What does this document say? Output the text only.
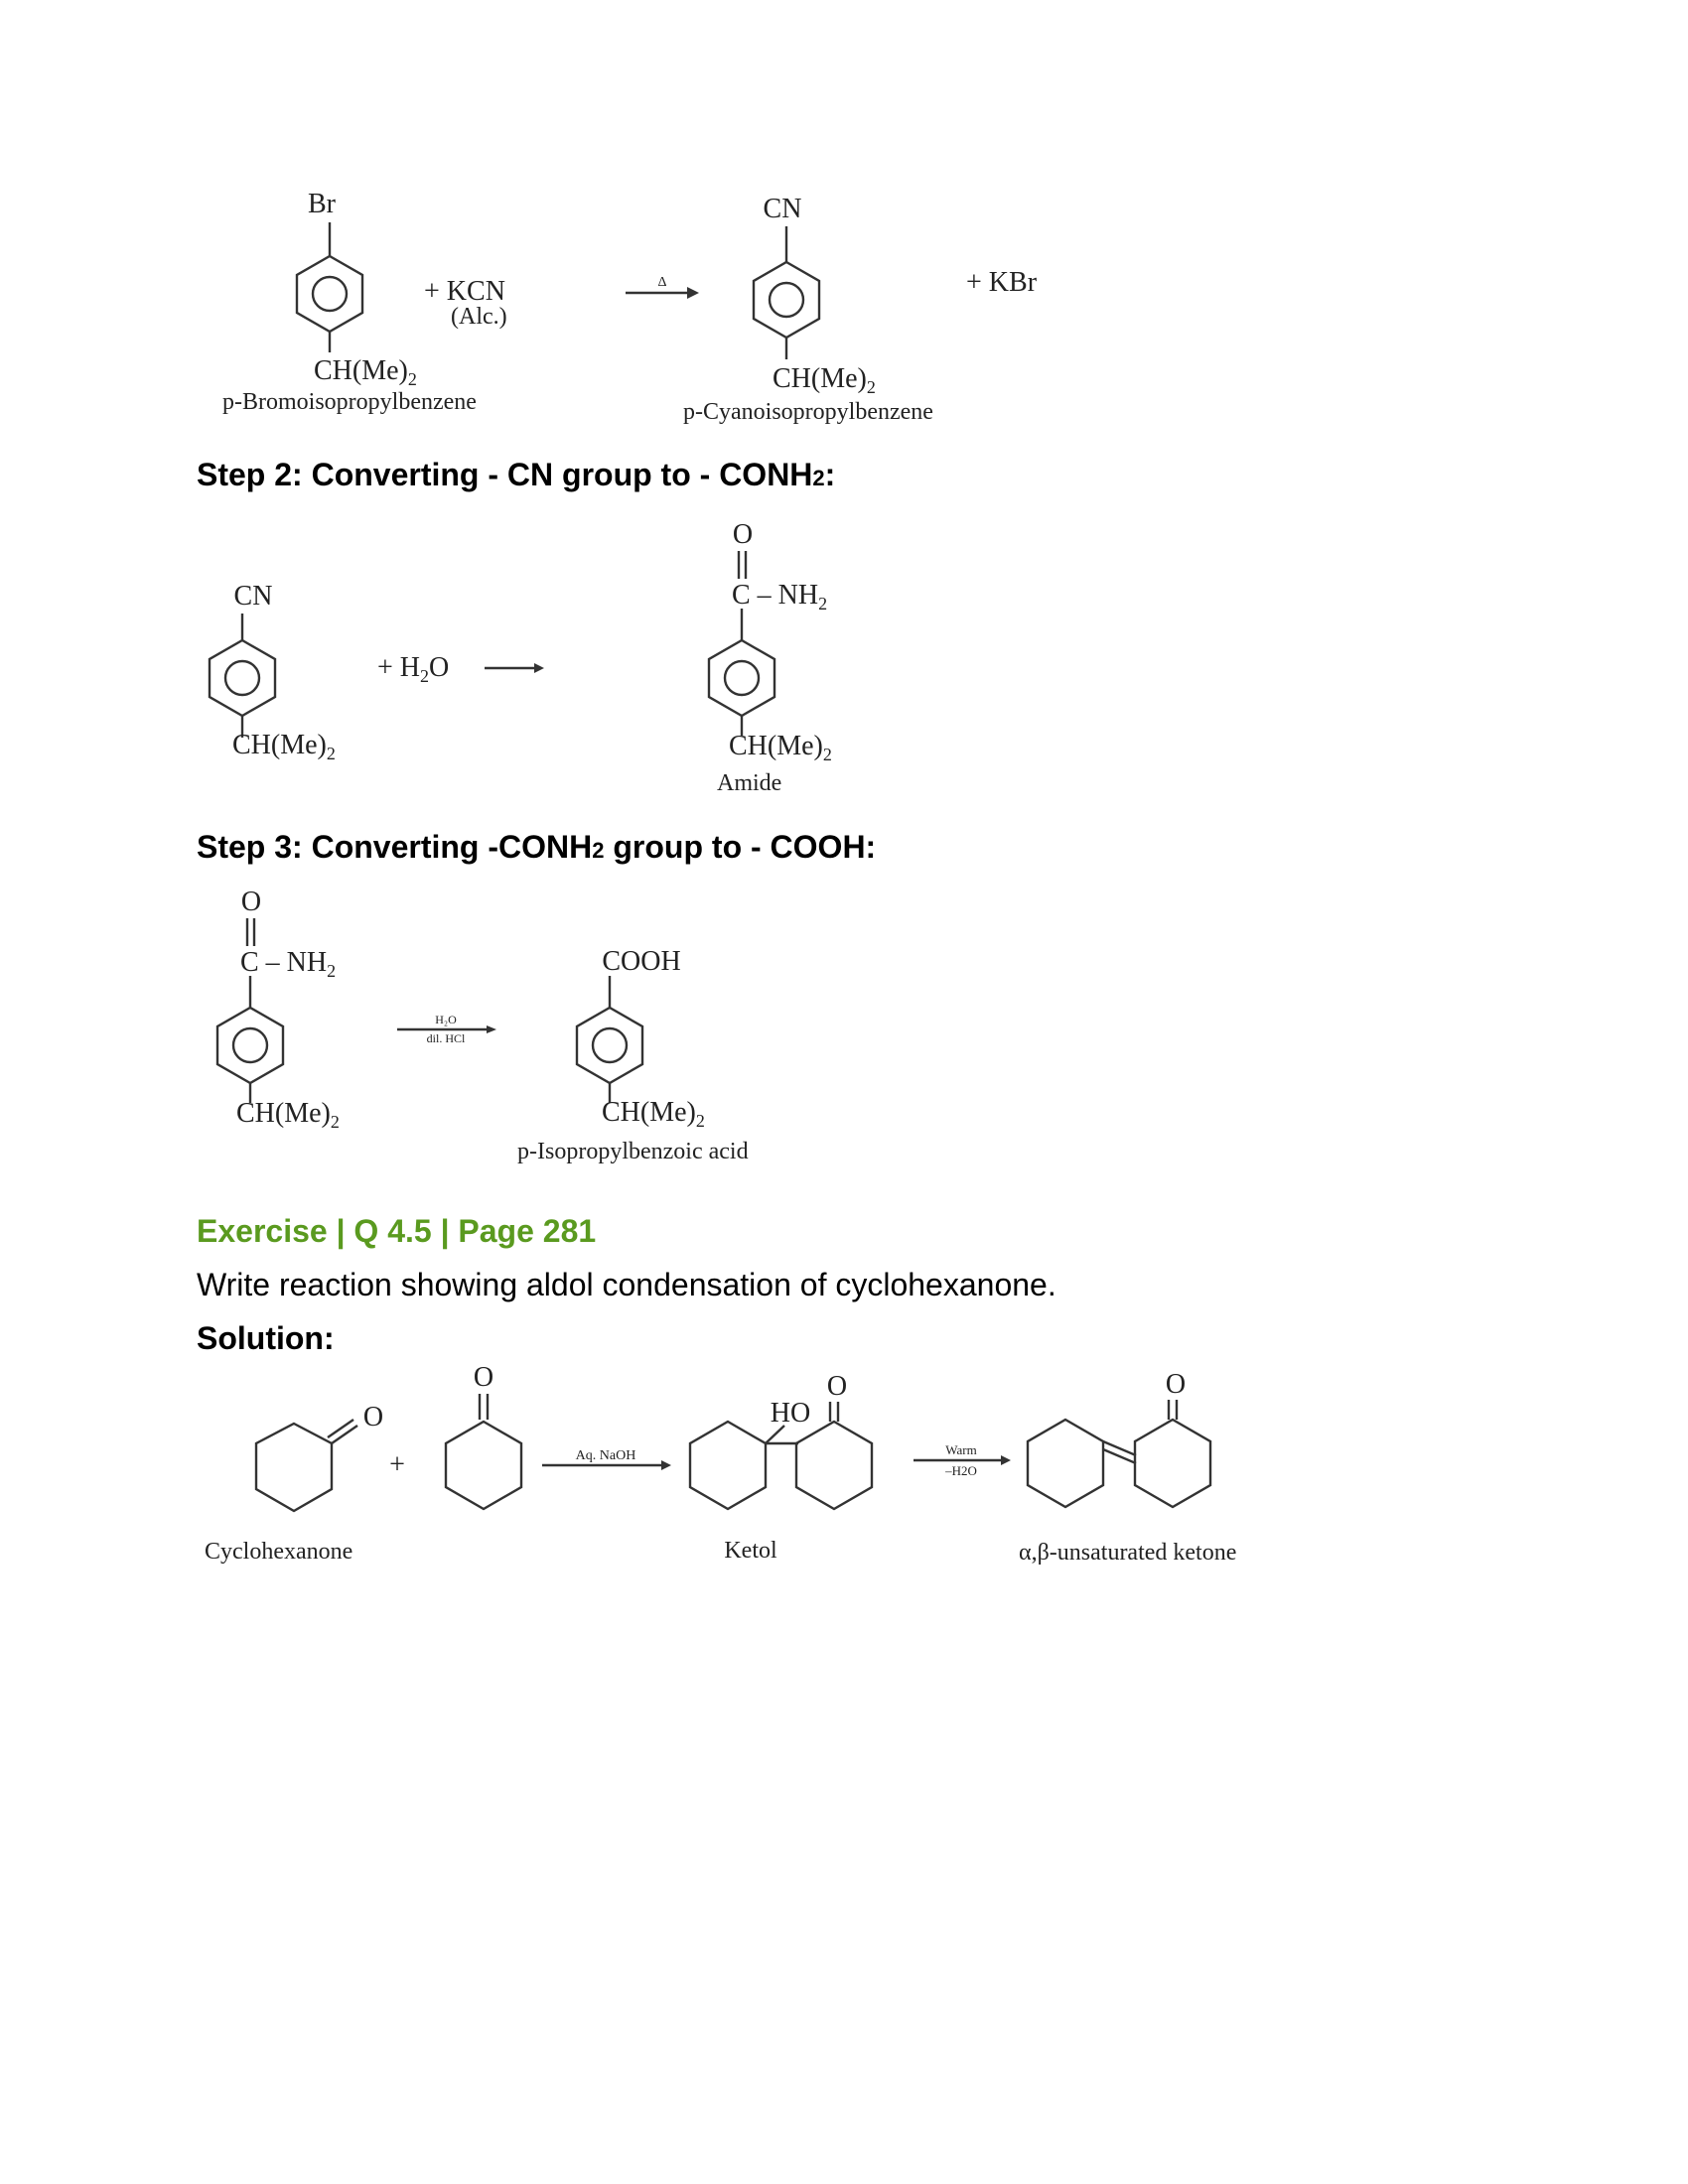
Br
$CH(Me)_2$
p-Bromoisopropylbenzene
+ KCN
(Alc.)
Δ
CN
$CH(Me)_2$
p-Cyanoisopropylbenzene
+ KBr
Step 2: Converting - CN group to - CONH2:
CN
$CH(Me)_2$
+ $H_2O$
O
C – $NH_2$
$CH(Me)_2$
Amide
Step 3: Converting -CONH2 group to - COOH:
O
C – $NH_2$
$CH(Me)_2$
H₂O
dil. HCl
COOH
$CH(Me)_2$
p-Isopropylbenzoic acid
Exercise | Q 4.5 | Page 281
Write reaction showing aldol condensation of cyclohexanone.
Solution:
O
+
O
Aq. NaOH
HO
O
Warm
–H2O
O
Cyclohexanone	Ketol	α,β-unsaturated ketone
